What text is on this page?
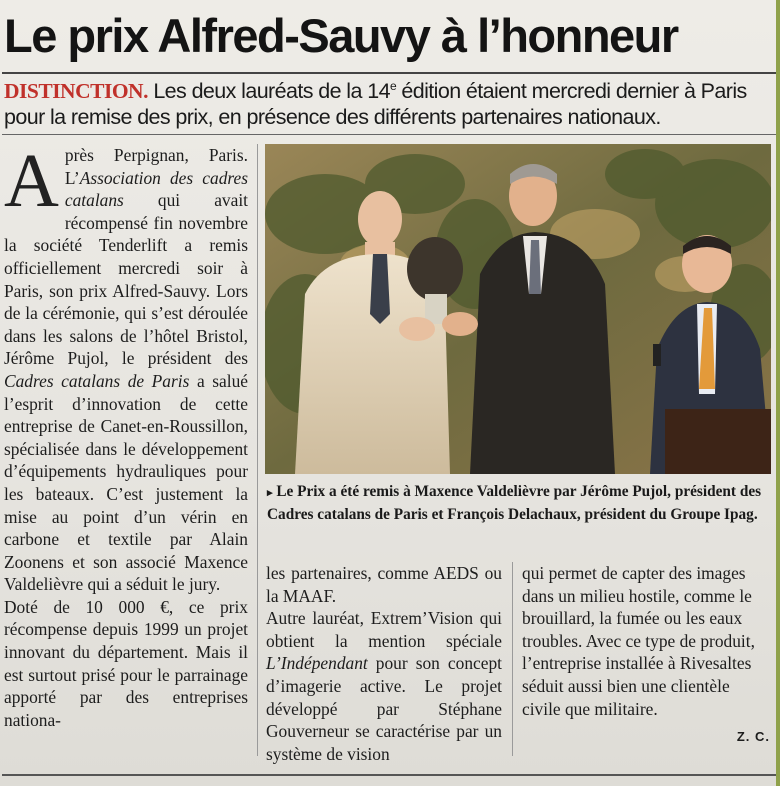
Le prix Alfred-Sauvy à l’honneur
DISTINCTION. Les deux lauréats de la 14e édition étaient mercredi dernier à Paris pour la remise des prix, en présence des différents partenaires nationaux.

Après Perpignan, Paris. L’Association des cadres catalans qui avait récompensé fin novembre la société Tenderlift a remis officiellement mercredi soir à Paris, son prix Alfred-Sauvy. Lors de la cérémonie, qui s’est déroulée dans les salons de l’hôtel Bristol, Jérôme Pujol, le président des Cadres catalans de Paris a salué l’esprit d’innovation de cette entreprise de Canet-en-Roussillon, spécialisée dans le développement d’équipements hydrauliques pour les bateaux. C’est justement la mise au point d’un vérin en carbone et textile par Alain Zoonens et son associé Maxence Valdelièvre qui a séduit le jury.

Doté de 10 000 €, ce prix récompense depuis 1999 un projet innovant du département. Mais il est surtout prisé pour le parrainage apporté par des entreprises nationa-

▸ Le Prix a été remis à Maxence Valdelièvre par Jérôme Pujol, président des Cadres catalans de Paris et François Delachaux, président du Groupe Ipag.

les partenaires, comme AEDS ou la MAAF.

Autre lauréat, Extrem’Vision qui obtient la mention spéciale L’Indépendant pour son concept d’imagerie active. Le projet développé par Stéphane Gouverneur se caractérise par un système de vision

qui permet de capter des images dans un milieu hostile, comme le brouillard, la fumée ou les eaux troubles. Avec ce type de produit, l’entreprise installée à Rivesaltes séduit aussi bien une clientèle civile que militaire.

Z. C.
